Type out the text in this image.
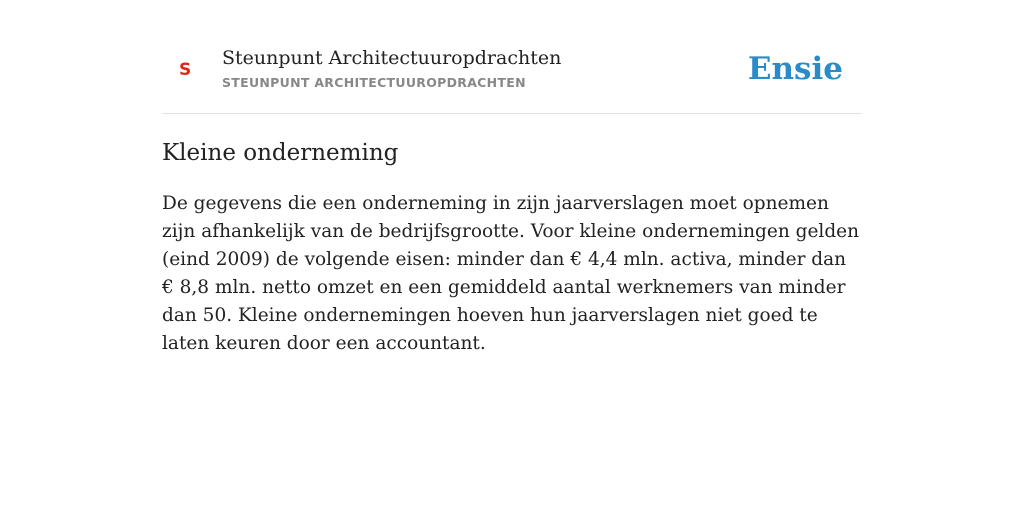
S
Steunpunt Architectuuropdrachten
STEUNPUNT ARCHITECTUUROPDRACHTEN	Ensie
Kleine onderneming

De gegevens die een onderneming in zijn jaarverslagen moet opnemen zijn afhankelijk van de bedrijfsgrootte. Voor kleine ondernemingen gelden (eind 2009) de volgende eisen: minder dan € 4,4 mln. activa, minder dan € 8,8 mln. netto omzet en een gemiddeld aantal werknemers van minder dan 50. Kleine ondernemingen hoeven hun jaarverslagen niet goed te laten keuren door een accountant.
